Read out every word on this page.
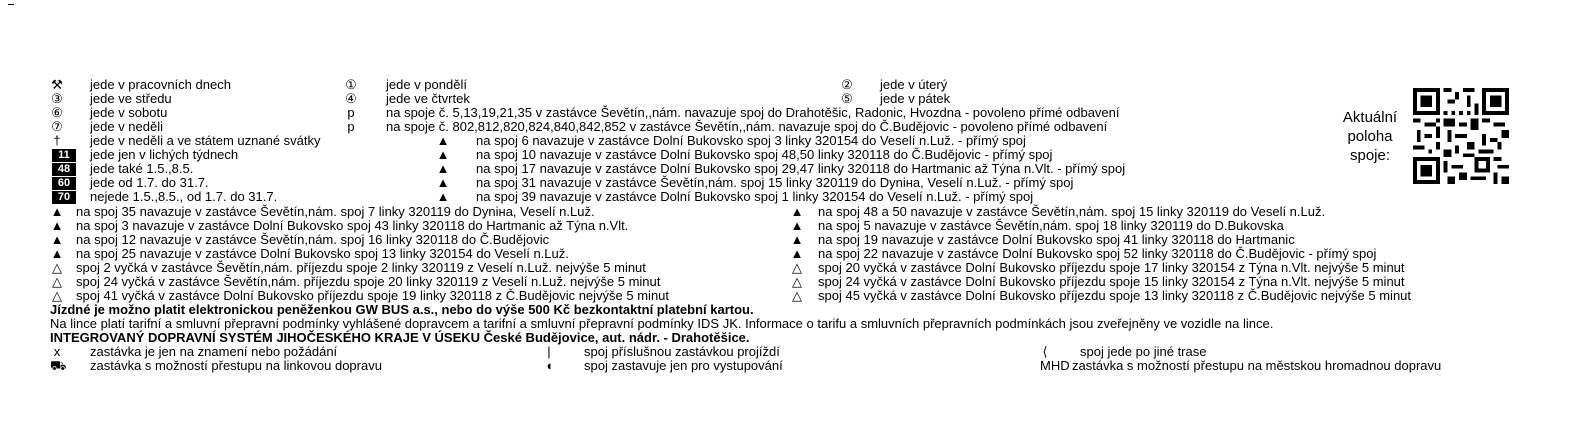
⚒ jede v pracovních dnech	① jede v pondělí	② jede v úterý
③ jede ve středu	④ jede ve čtvrtek	⑤ jede v pátek
⑥ jede v sobotu	p na spoje č. 5,13,19,21,35 v zastávce Ševětín,,nám. navazuje spoj do Drahotěšic, Radonic, Hvozdna - povoleno přímé odbavení
⑦ jede v neděli	p na spoje č. 802,812,820,824,840,842,852 v zastávce Ševětín,,nám. navazuje spoj do Č.Budějovic - povoleno přímé odbavení
† jede v neděli a ve státem uznané svátky	▲ na spoj 6 navazuje v zastávce Dolní Bukovsko spoj 3 linky 320154 do Veselí n.Luž. - přímý spoj
11	jede jen v lichých týdnech	▲ na spoj 10 navazuje v zastávce Dolní Bukovsko spoj 48,50 linky 320118 do Č.Budějovic - přímý spoj
48	jede také 1.5.,8.5.	▲ na spoj 17 navazuje v zastávce Dolní Bukovsko spoj 29,47 linky 320118 do Hartmanic až Týna n.Vlt. - přímý spoj
60	jede od 1.7. do 31.7.	▲ na spoj 31 navazuje v zastávce Ševětín,nám. spoj 15 linky 320119 do Dyniна, Veselí n.Luž. - přímý spoj
70	nejede 1.5.,8.5., od 1.7. do 31.7.	▲ na spoj 39 navazuje v zastávce Dolní Bukovsko spoj 1 linky 320154 do Veselí n.Luž. - přímý spoj
▲ na spoj 35 navazuje v zastávce Ševětín,nám. spoj 7 linky 320119 do Dyniна, Veselí n.Luž.	▲ na spoj 48 a 50 navazuje v zastávce Ševětín,nám. spoj 15 linky 320119 do Veselí n.Luž.
▲ na spoj 3 navazuje v zastávce Dolní Bukovsko spoj 43 linky 320118 do Hartmanic až Týna n.Vlt.	▲ na spoj 5 navazuje v zastávce Ševětín,nám. spoj 18 linky 320119 do D.Bukovska
▲ na spoj 12 navazuje v zastávce Ševětín,nám. spoj 16 linky 320118 do Č.Budějovic	▲ na spoj 19 navazuje v zastávce Dolní Bukovsko spoj 41 linky 320118 do Hartmanic
▲ na spoj 25 navazuje v zastávce Dolní Bukovsko spoj 13 linky 320154 do Veselí n.Luž.	▲ na spoj 22 navazuje v zastávce Dolní Bukovsko spoj 52 linky 320118 do Č.Budějovic - přímý spoj
△ spoj 2 vyčká v zastávce Ševětín,nám. příjezdu spoje 2 linky 320119 z Veselí n.Luž. nejvýše 5 minut	△ spoj 20 vyčká v zastávce Dolní Bukovsko příjezdu spoje 17 linky 320154 z Týna n.Vlt. nejvýše 5 minut
△ spoj 24 vyčká v zastávce Ševětín,nám. příjezdu spoje 20 linky 320119 z Veselí n.Luž. nejvýše 5 minut	△ spoj 24 vyčká v zastávce Dolní Bukovsko příjezdu spoje 15 linky 320154 z Týna n.Vlt. nejvýše 5 minut
△ spoj 41 vyčká v zastávce Dolní Bukovsko příjezdu spoje 19 linky 320118 z Č.Budějovic nejvýše 5 minut	△ spoj 45 vyčká v zastávce Dolní Bukovsko příjezdu spoje 13 linky 320118 z Č.Budějovic nejvýše 5 minut
Jízdné je možno platit elektronickou peněženkou GW BUS a.s., nebo do výše 500 Kč bezkontaktní platební kartou.
Na lince platí tarifní a smluvní přepravní podmínky vyhlášené dopravcem a tarifní a smluvní přepravní podmínky IDS JK. Informace o tarifu a smluvních přepravních podmínkách jsou zveřejněny ve vozidle na lince.
INTEGROVANÝ DOPRAVNÍ SYSTÉM JIHOČESKÉHO KRAJE V ÚSEKU České Budějovice, aut. nádr. - Drahotěšice.
x zastávka je jen na znamení nebo požádání	|	spoj příslušnou zastávkou projíždí	⟨	spoj jede po jiné trase
⛟ zastávka s možností přestupu na linkovou dopravu	◖ spoj zastavuje jen pro vystupování	MHD zastávka s možností přestupu na městskou hromadnou dopravu
Aktuální
poloha
spoje:
